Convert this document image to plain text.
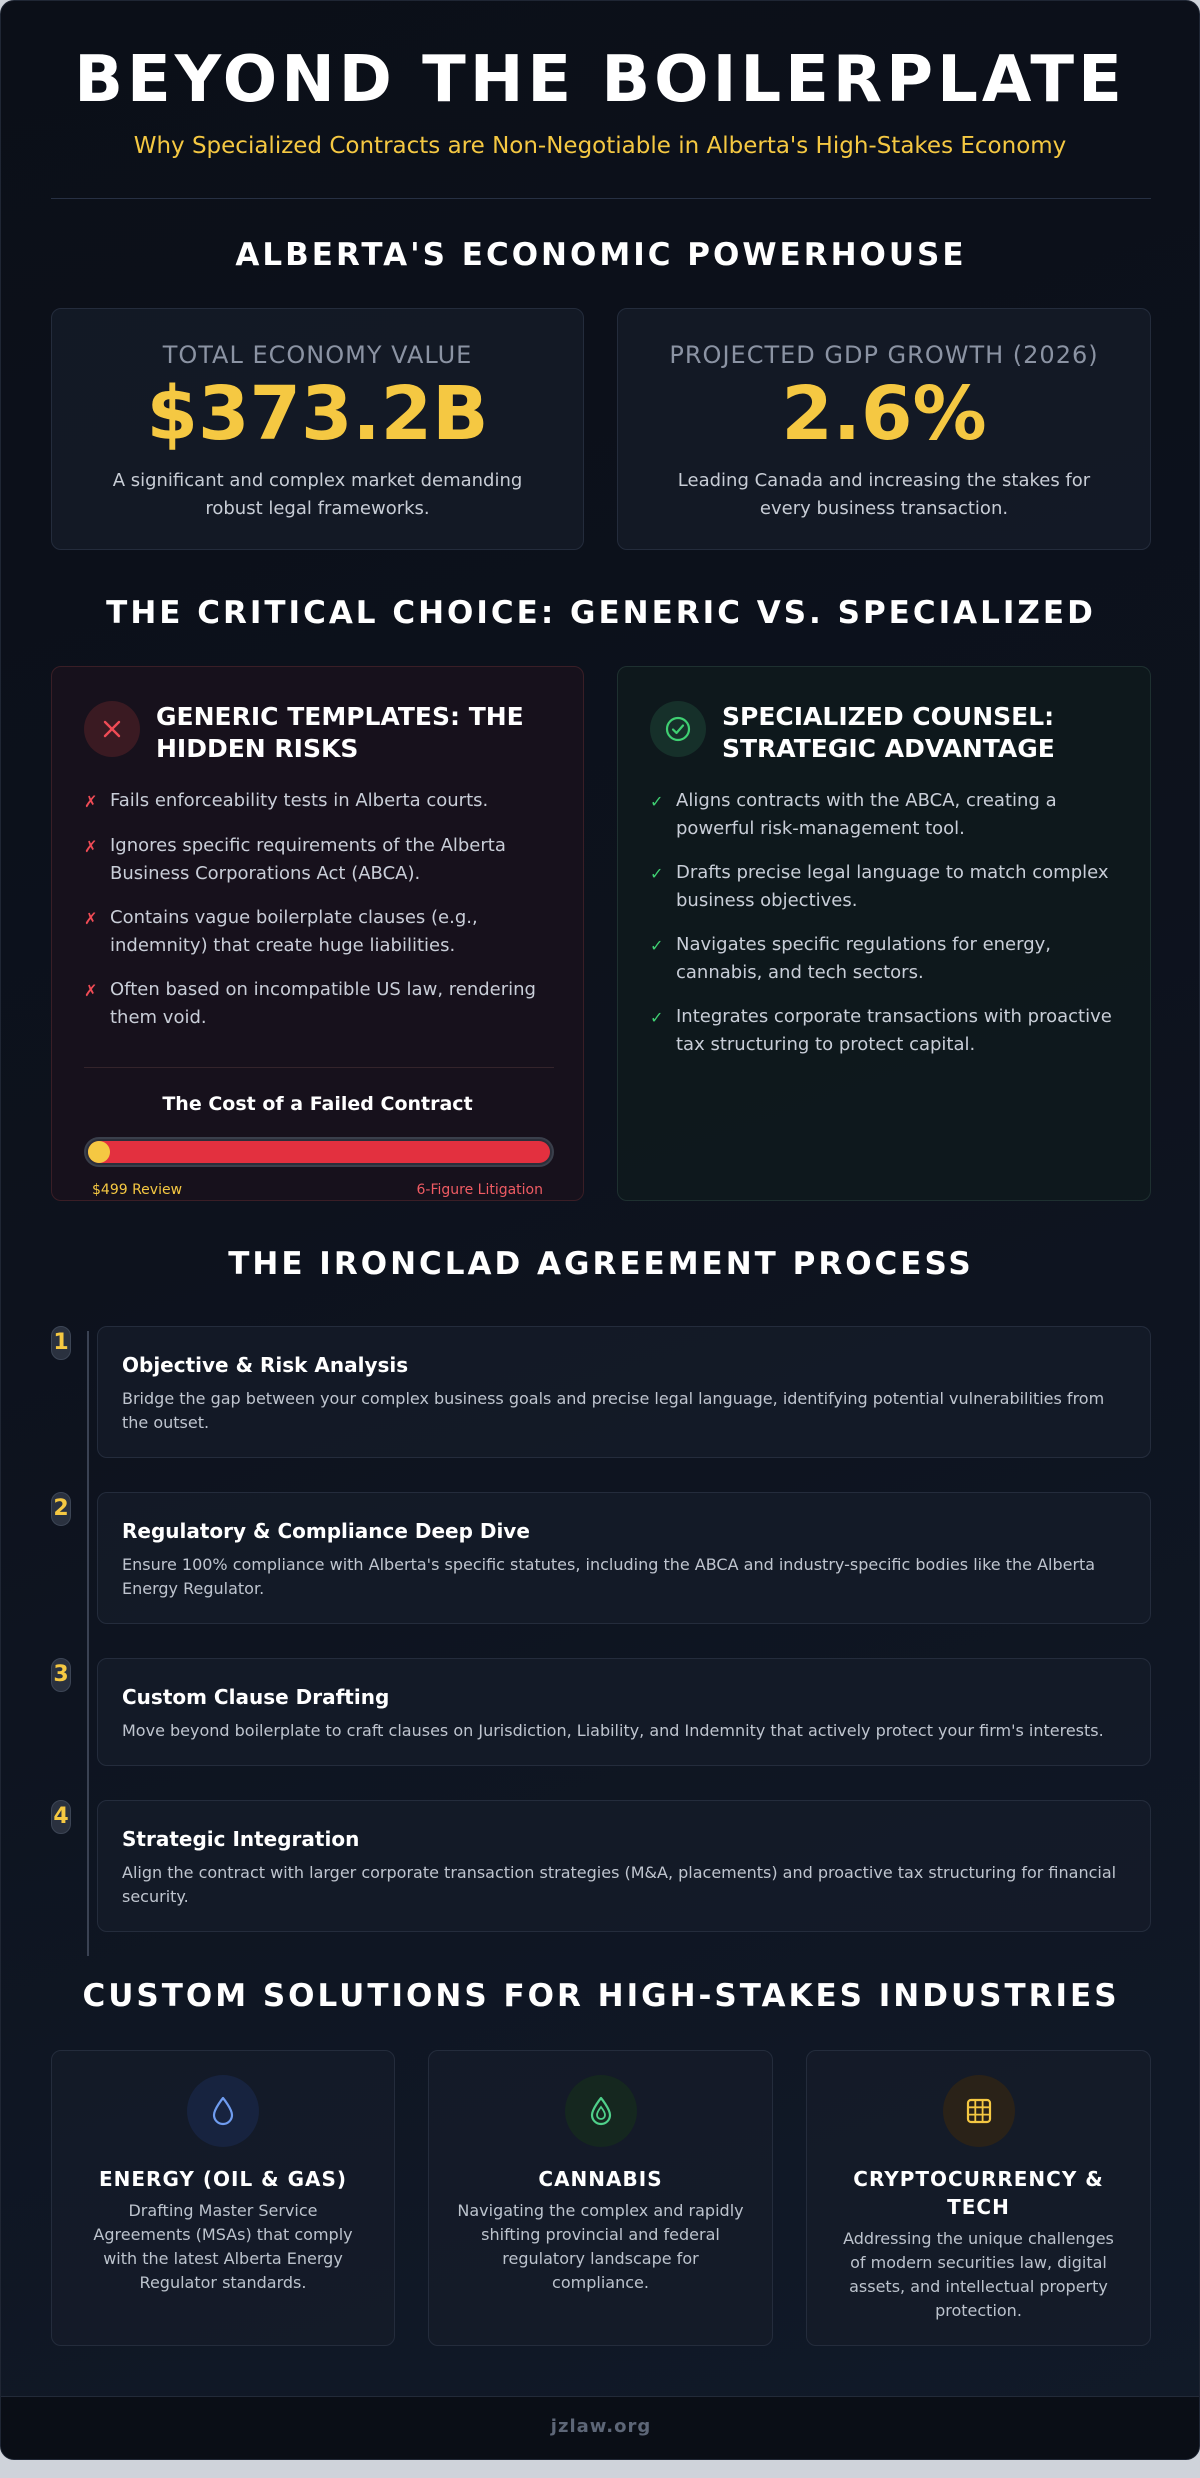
BEYOND THE BOILERPLATE
Why Specialized Contracts are Non-Negotiable in Alberta's High-Stakes Economy
ALBERTA'S ECONOMIC POWERHOUSE
TOTAL ECONOMY VALUE
$373.2B
A significant and complex market demanding robust legal frameworks.
PROJECTED GDP GROWTH (2026)
2.6%
Leading Canada and increasing the stakes for every business transaction.
THE CRITICAL CHOICE: GENERIC VS. SPECIALIZED
GENERIC TEMPLATES: THE HIDDEN RISKS
✗ Fails enforceability tests in Alberta courts.
✗ Ignores specific requirements of the Alberta Business Corporations Act (ABCA).
✗ Contains vague boilerplate clauses (e.g., indemnity) that create huge liabilities.
✗ Often based on incompatible US law, rendering them void.
The Cost of a Failed Contract
$499 Review	6-Figure Litigation
SPECIALIZED COUNSEL: STRATEGIC ADVANTAGE
✓ Aligns contracts with the ABCA, creating a powerful risk-management tool.
✓ Drafts precise legal language to match complex business objectives.
✓ Navigates specific regulations for energy, cannabis, and tech sectors.
✓ Integrates corporate transactions with proactive tax structuring to protect capital.
THE IRONCLAD AGREEMENT PROCESS
1
Objective & Risk Analysis
Bridge the gap between your complex business goals and precise legal language, identifying potential vulnerabilities from the outset.
2
Regulatory & Compliance Deep Dive
Ensure 100% compliance with Alberta's specific statutes, including the ABCA and industry-specific bodies like the Alberta Energy Regulator.
3
Custom Clause Drafting
Move beyond boilerplate to craft clauses on Jurisdiction, Liability, and Indemnity that actively protect your firm's interests.
4
Strategic Integration
Align the contract with larger corporate transaction strategies (M&A, placements) and proactive tax structuring for financial security.
CUSTOM SOLUTIONS FOR HIGH-STAKES INDUSTRIES
ENERGY (OIL & GAS)
Drafting Master Service Agreements (MSAs) that comply with the latest Alberta Energy Regulator standards.
CANNABIS
Navigating the complex and rapidly shifting provincial and federal regulatory landscape for compliance.
CRYPTOCURRENCY & TECH
Addressing the unique challenges of modern securities law, digital assets, and intellectual property protection.
jzlaw.org
